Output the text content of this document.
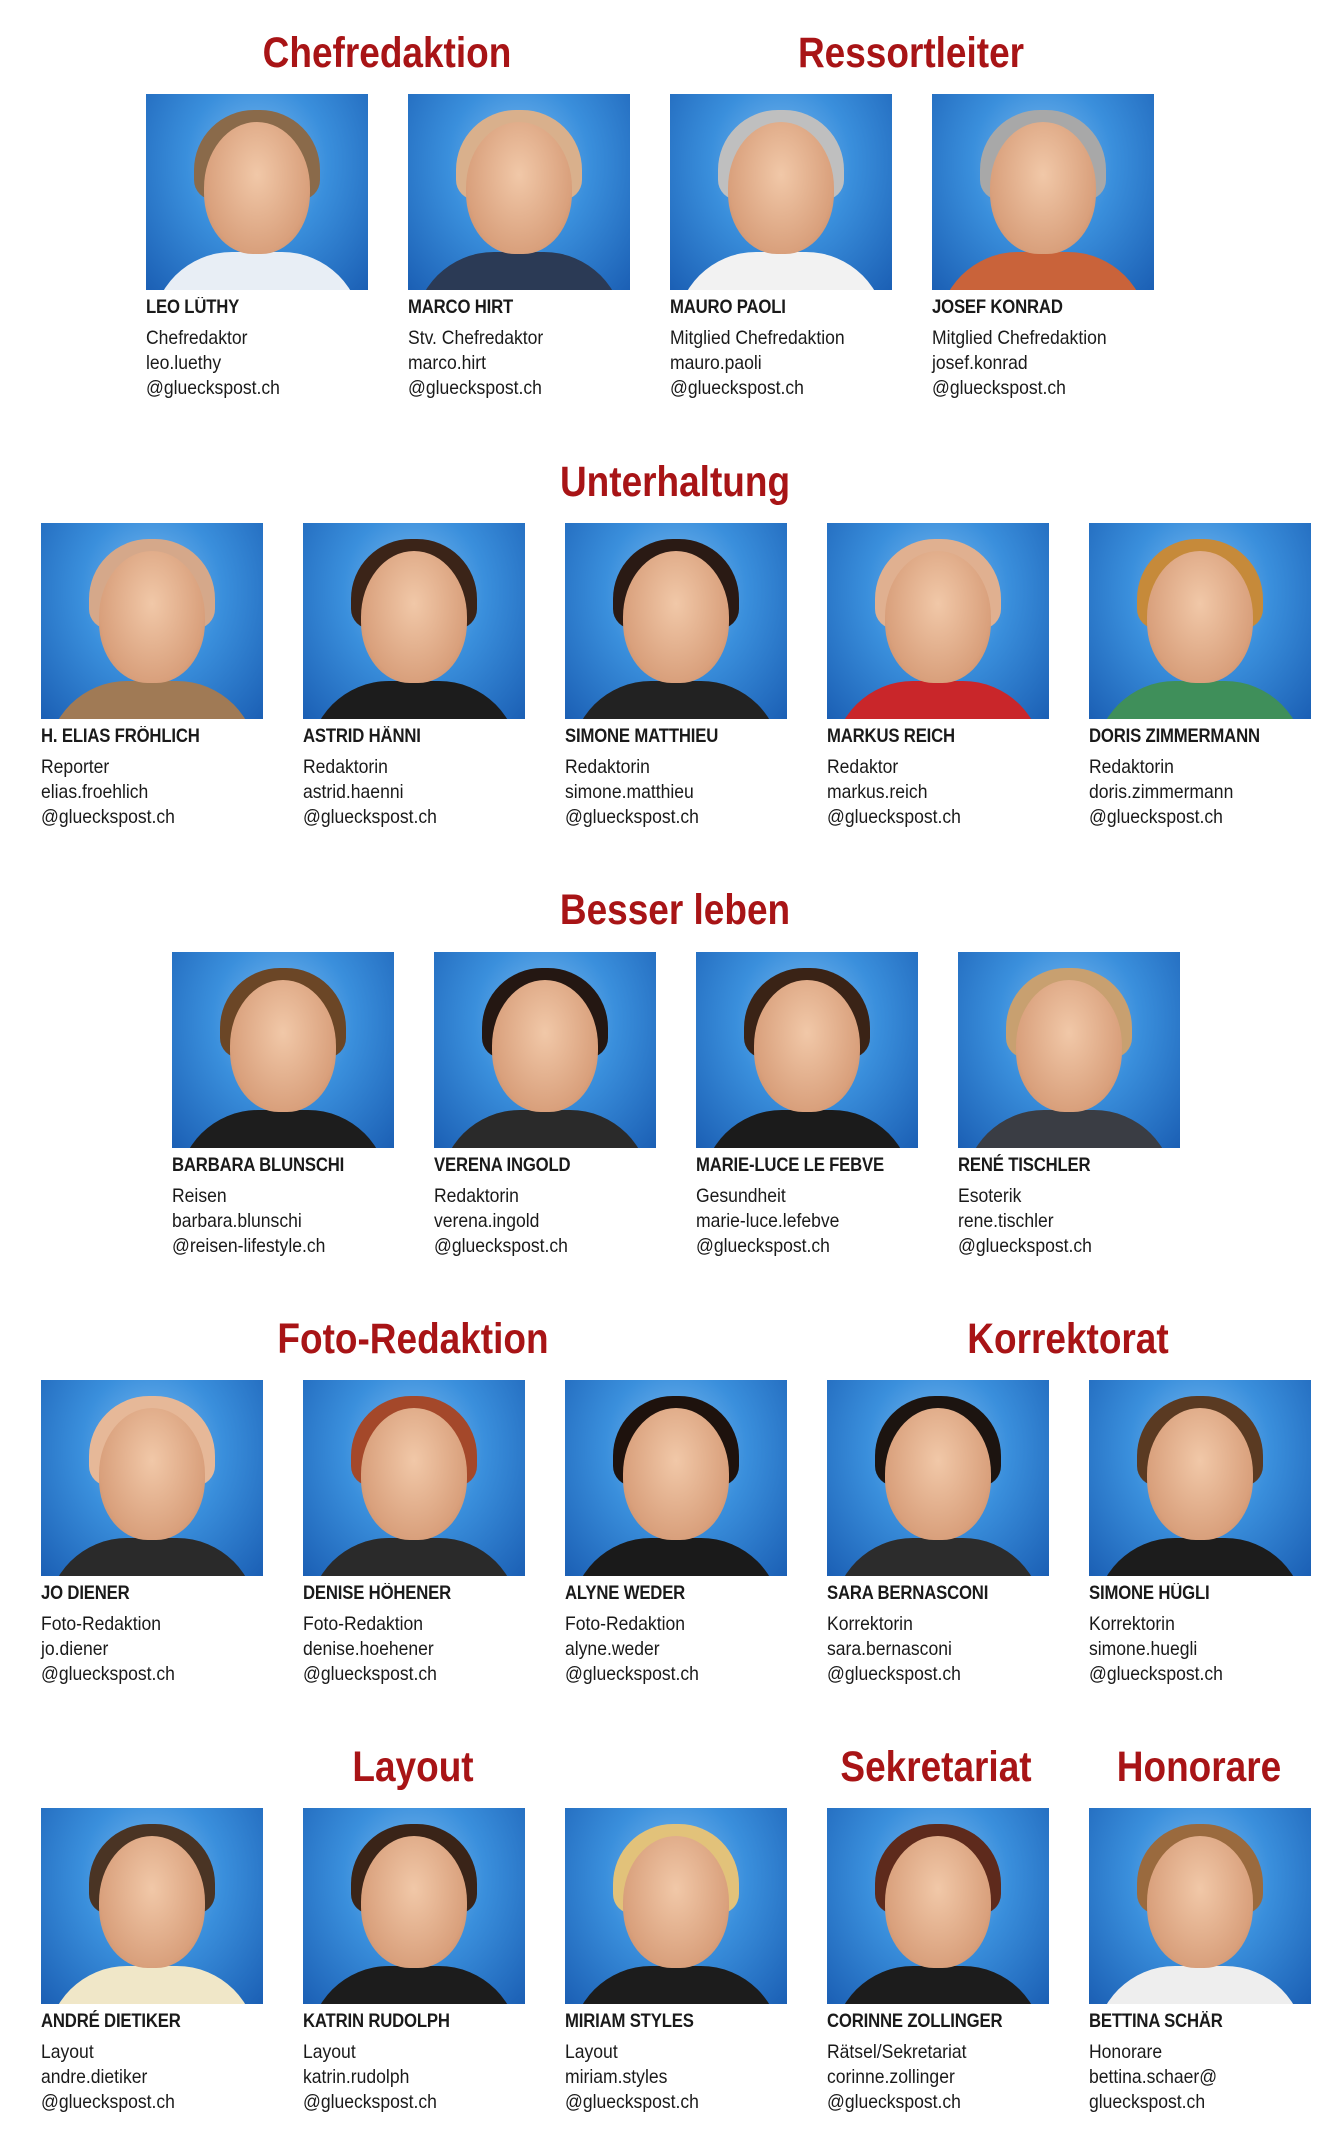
Chefredaktion	Ressortleiter
Unterhaltung
Besser leben
Foto-Redaktion	Korrektorat
Layout	Sekretariat Honorare
LEO LÜTHY
Chefredaktor
leo.luethy
@glueckspost.ch
MARCO HIRT
Stv. Chefredaktor
marco.hirt
@glueckspost.ch
MAURO PAOLI
Mitglied Chefredaktion
mauro.paoli
@glueckspost.ch
JOSEF KONRAD
Mitglied Chefredaktion
josef.konrad
@glueckspost.ch
H. ELIAS FRÖHLICH
Reporter
elias.froehlich
@glueckspost.ch
ASTRID HÄNNI
Redaktorin
astrid.haenni
@glueckspost.ch
SIMONE MATTHIEU
Redaktorin
simone.matthieu
@glueckspost.ch
MARKUS REICH
Redaktor
markus.reich
@glueckspost.ch
DORIS ZIMMERMANN
Redaktorin
doris.zimmermann
@glueckspost.ch
BARBARA BLUNSCHI
Reisen
barbara.blunschi
@reisen-lifestyle.ch
VERENA INGOLD
Redaktorin
verena.ingold
@glueckspost.ch
MARIE-LUCE LE FEBVE
Gesundheit
marie-luce.lefebve
@glueckspost.ch
RENÉ TISCHLER
Esoterik
rene.tischler
@glueckspost.ch
JO DIENER
Foto-Redaktion
jo.diener
@glueckspost.ch
DENISE HÖHENER
Foto-Redaktion
denise.hoehener
@glueckspost.ch
ALYNE WEDER
Foto-Redaktion
alyne.weder
@glueckspost.ch
SARA BERNASCONI
Korrektorin
sara.bernasconi
@glueckspost.ch
SIMONE HÜGLI
Korrektorin
simone.huegli
@glueckspost.ch
ANDRÉ DIETIKER
Layout
andre.dietiker
@glueckspost.ch
KATRIN RUDOLPH
Layout
katrin.rudolph
@glueckspost.ch
MIRIAM STYLES
Layout
miriam.styles
@glueckspost.ch
CORINNE ZOLLINGER
Rätsel/Sekretariat
corinne.zollinger
@glueckspost.ch
BETTINA SCHÄR
Honorare
bettina.schaer@
glueckspost.ch
